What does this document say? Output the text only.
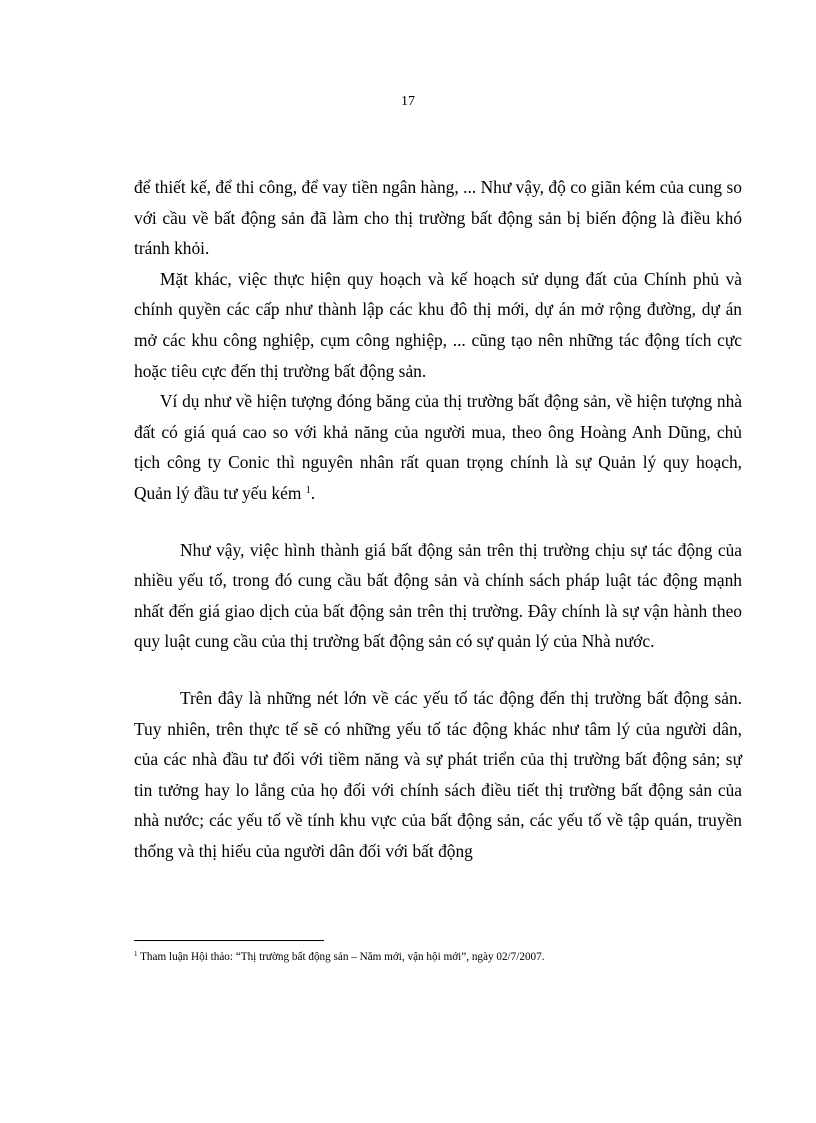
17

để thiết kế, để thi công, để vay tiền ngân hàng, ... Như vậy, độ co giãn kém của cung so với cầu về bất động sản đã làm cho thị trường bất động sản bị biến động là điều khó tránh khỏi.

Mặt khác, việc thực hiện quy hoạch và kế hoạch sử dụng đất của Chính phủ và chính quyền các cấp như thành lập các khu đô thị mới, dự án mở rộng đường, dự án mở các khu công nghiệp, cụm công nghiệp, ... cũng tạo nên những tác động tích cực hoặc tiêu cực đến thị trường bất động sản.

Ví dụ như về hiện tượng đóng băng của thị trường bất động sản, về hiện tượng nhà đất có giá quá cao so với khả năng của người mua, theo ông Hoàng Anh Dũng, chủ tịch công ty Conic thì nguyên nhân rất quan trọng chính là sự Quản lý quy hoạch, Quản lý đầu tư yếu kém $^1$.

Như vậy, việc hình thành giá bất động sản trên thị trường chịu sự tác động của nhiều yếu tố, trong đó cung cầu bất động sản và chính sách pháp luật tác động mạnh nhất đến giá giao dịch của bất động sản trên thị trường. Đây chính là sự vận hành theo quy luật cung cầu của thị trường bất động sản có sự quản lý của Nhà nước.

Trên đây là những nét lớn về các yếu tố tác động đến thị trường bất động sản. Tuy nhiên, trên thực tế sẽ có những yếu tố tác động khác như tâm lý của người dân, của các nhà đầu tư đối với tiềm năng và sự phát triển của thị trường bất động sản; sự tin tưởng hay lo lắng của họ đối với chính sách điều tiết thị trường bất động sản của nhà nước; các yếu tố về tính khu vực của bất động sản, các yếu tố về tập quán, truyền thống và thị hiếu của người dân đối với bất động

$^1$ Tham luận Hội thảo: “Thị trường bất động sản – Năm mới, vận hội mới”, ngày 02/7/2007.
